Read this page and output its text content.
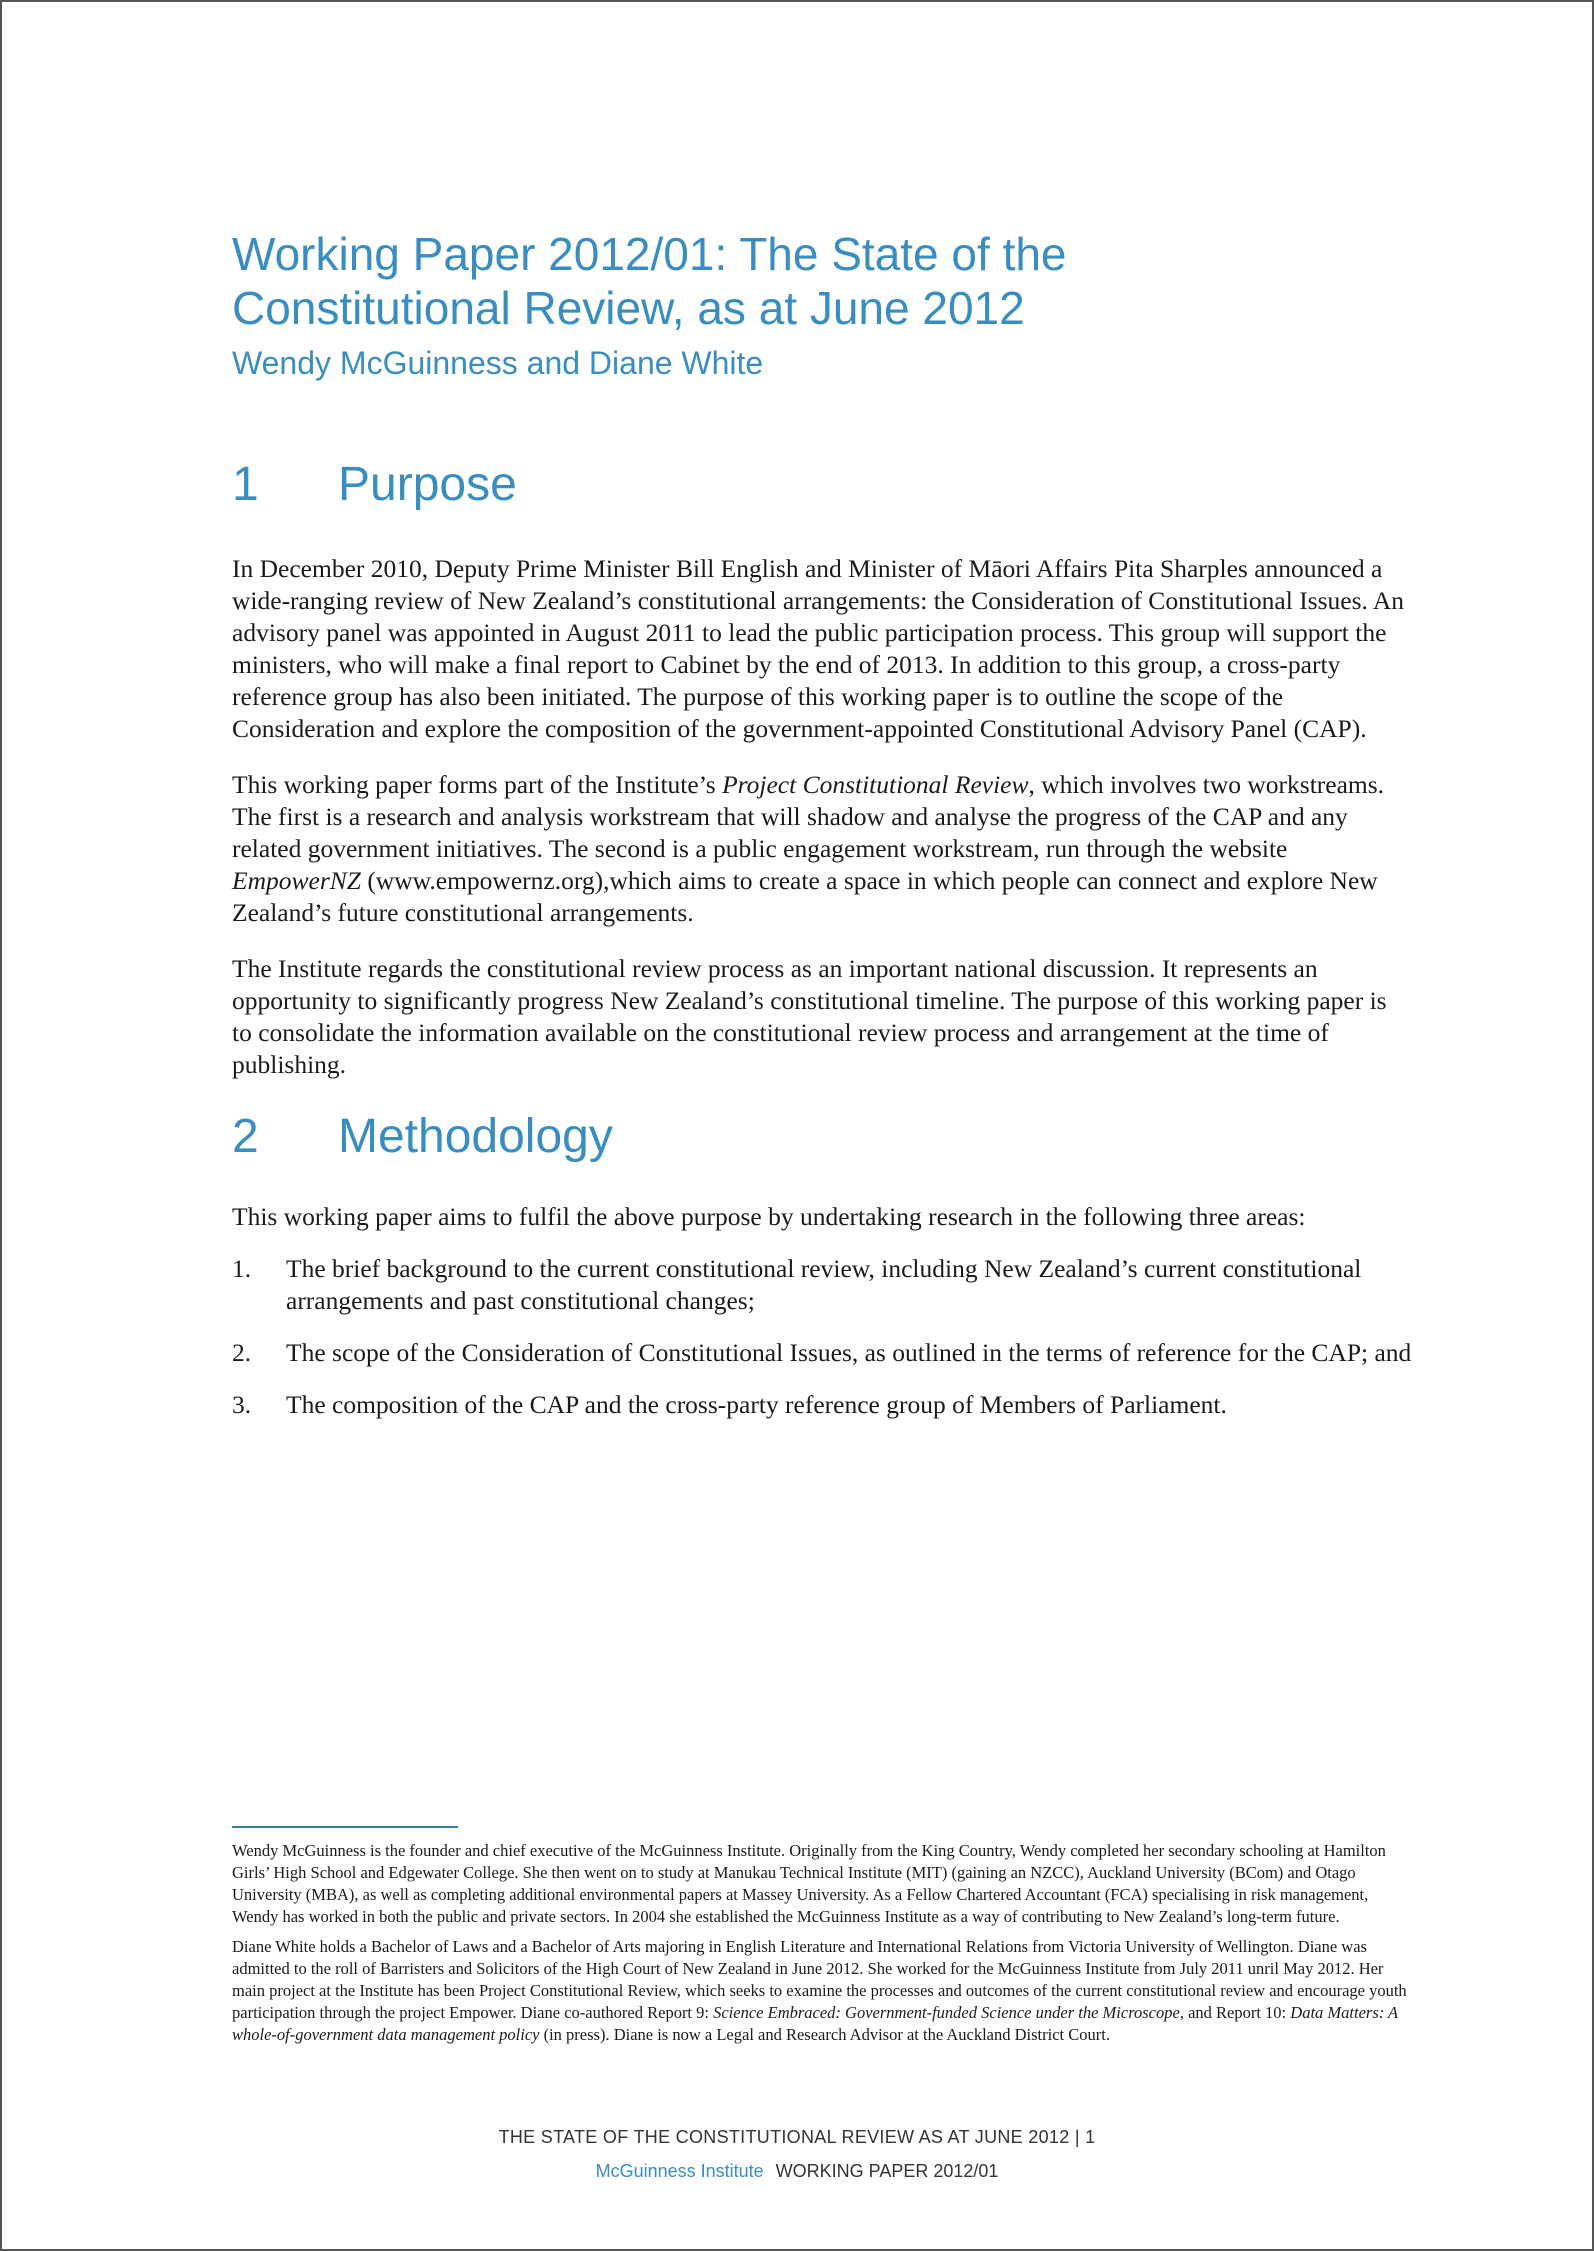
Working Paper 2012/01: The State of the
Constitutional Review, as at June 2012

Wendy McGuinness and Diane White

1	Purpose

In December 2010, Deputy Prime Minister Bill English and Minister of Māori Affairs Pita Sharples announced a wide-ranging review of New Zealand’s constitutional arrangements: the Consideration of Constitutional Issues. An advisory panel was appointed in August 2011 to lead the public participation process. This group will support the ministers, who will make a final report to Cabinet by the end of 2013. In addition to this group, a cross-party reference group has also been initiated. The purpose of this working paper is to outline the scope of the Consideration and explore the composition of the government-appointed Constitutional Advisory Panel (CAP).

This working paper forms part of the Institute’s Project Constitutional Review, which involves two workstreams. The first is a research and analysis workstream that will shadow and analyse the progress of the CAP and any related government initiatives. The second is a public engagement workstream, run through the website EmpowerNZ (www.empowernz.org),which aims to create a space in which people can connect and explore New Zealand’s future constitutional arrangements.

The Institute regards the constitutional review process as an important national discussion. It represents an opportunity to significantly progress New Zealand’s constitutional timeline. The purpose of this working paper is to consolidate the information available on the constitutional review process and arrangement at the time of publishing.

2	Methodology

This working paper aims to fulfil the above purpose by undertaking research in the following three areas:

1.	The brief background to the current constitutional review, including New Zealand’s current constitutional arrangements and past constitutional changes;
2.	The scope of the Consideration of Constitutional Issues, as outlined in the terms of reference for the CAP; and
3.	The composition of the CAP and the cross-party reference group of Members of Parliament.

Wendy McGuinness is the founder and chief executive of the McGuinness Institute. Originally from the King Country, Wendy completed her secondary schooling at Hamilton Girls’ High School and Edgewater College. She then went on to study at Manukau Technical Institute (MIT) (gaining an NZCC), Auckland University (BCom) and Otago University (MBA), as well as completing additional environmental papers at Massey University. As a Fellow Chartered Accountant (FCA) specialising in risk management, Wendy has worked in both the public and private sectors. In 2004 she established the McGuinness Institute as a way of contributing to New Zealand’s long-term future.

Diane White holds a Bachelor of Laws and a Bachelor of Arts majoring in English Literature and International Relations from Victoria University of Wellington. Diane was admitted to the roll of Barristers and Solicitors of the High Court of New Zealand in June 2012. She worked for the McGuinness Institute from July 2011 unril May 2012. Her main project at the Institute has been Project Constitutional Review, which seeks to examine the processes and outcomes of the current constitutional review and encourage youth participation through the project Empower. Diane co-authored Report 9: Science Embraced: Government-funded Science under the Microscope, and Report 10: Data Matters: A whole-of-government data management policy (in press). Diane is now a Legal and Research Advisor at the Auckland District Court.

THE STATE OF THE CONSTITUTIONAL REVIEW AS AT JUNE 2012 | 1
McGuinness Institute WORKING PAPER 2012/01
